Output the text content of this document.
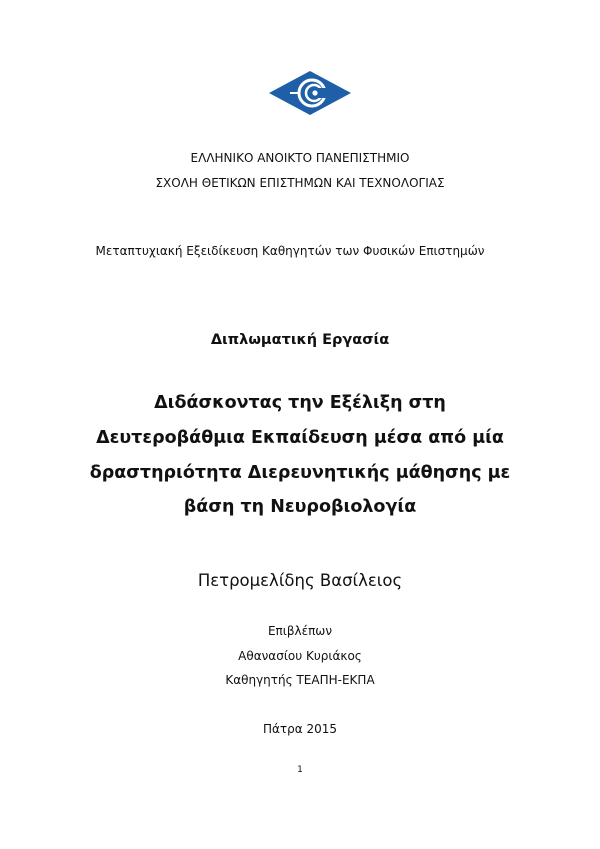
ΕΛΛΗΝΙΚΟ ΑΝΟΙΚΤΟ ΠΑΝΕΠΙΣΤΗΜΙΟ
ΣΧΟΛΗ ΘΕΤΙΚΩΝ ΕΠΙΣΤΗΜΩΝ ΚΑΙ ΤΕΧΝΟΛΟΓΙΑΣ
Μεταπτυχιακή Εξειδίκευση Καθηγητών των Φυσικών Επιστημών
Διπλωματική Εργασία
Διδάσκοντας την Εξέλιξη στη
Δευτεροβάθμια Εκπαίδευση μέσα από μία
δραστηριότητα Διερευνητικής μάθησης με
βάση τη Νευροβιολογία
Πετρομελίδης Βασίλειος
Επιβλέπων
Αθανασίου Κυριάκος
Καθηγητής ΤΕΑΠΗ-ΕΚΠΑ
Πάτρα 2015
1
